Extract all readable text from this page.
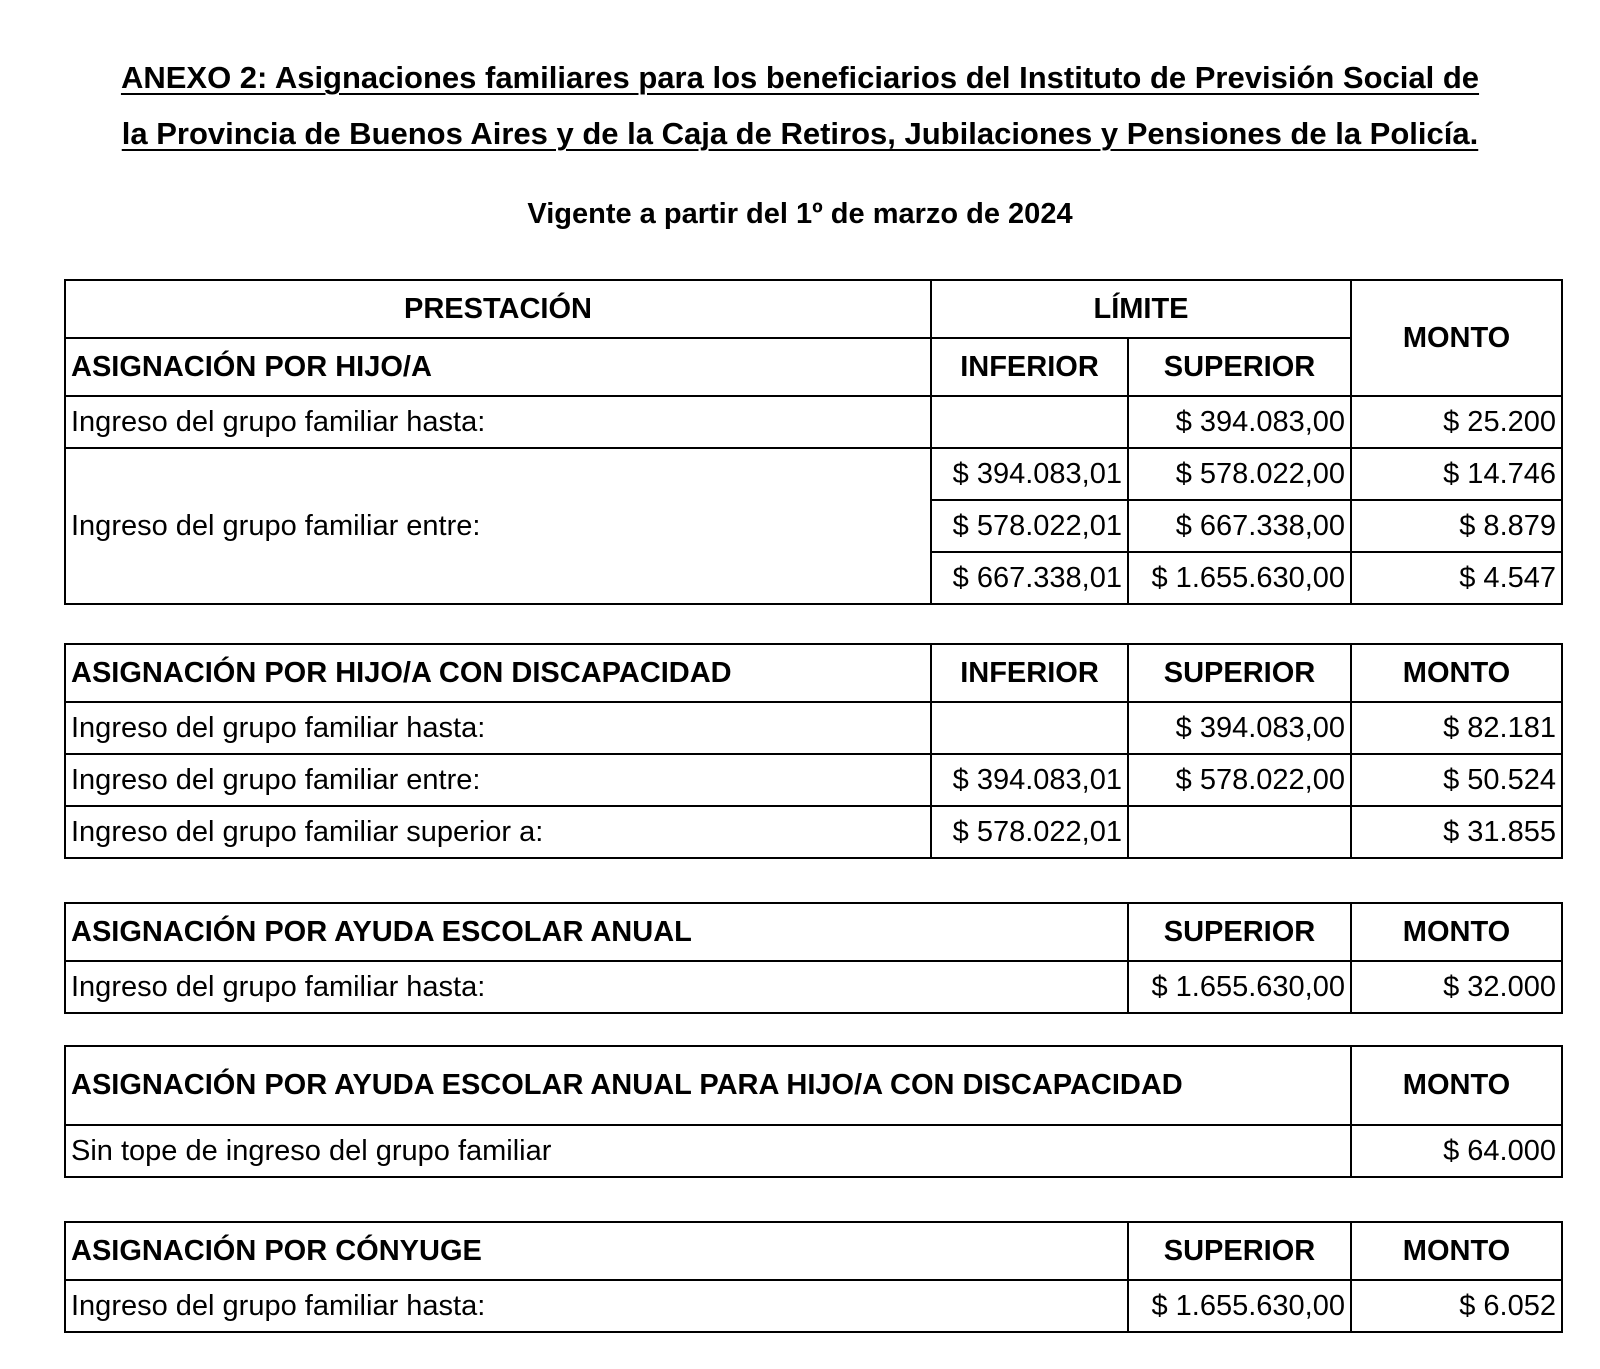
ANEXO 2: Asignaciones familiares para los beneficiarios del Instituto de Previsión Social de
la Provincia de Buenos Aires y de la Caja de Retiros, Jubilaciones y Pensiones de la Policía.
Vigente a partir del 1º de marzo de 2024
PRESTACIÓN	LÍMITE		MONTO
ASIGNACIÓN POR HIJO/A	INFERIOR	SUPERIOR	
Ingreso del grupo familiar hasta:		$ 394.083,00	$ 25.200
Ingreso del grupo familiar entre:	$ 394.083,01	$ 578.022,00	$ 14.746
	$ 578.022,01	$ 667.338,00	$ 8.879
	$ 667.338,01	$ 1.655.630,00	$ 4.547
ASIGNACIÓN POR HIJO/A CON DISCAPACIDAD	INFERIOR	SUPERIOR	MONTO
Ingreso del grupo familiar hasta:		$ 394.083,00	$ 82.181
Ingreso del grupo familiar entre:	$ 394.083,01	$ 578.022,00	$ 50.524
Ingreso del grupo familiar superior a:	$ 578.022,01		$ 31.855
ASIGNACIÓN POR AYUDA ESCOLAR ANUAL	SUPERIOR	MONTO
Ingreso del grupo familiar hasta:	$ 1.655.630,00	$ 32.000
ASIGNACIÓN POR AYUDA ESCOLAR ANUAL PARA HIJO/A CON DISCAPACIDAD	MONTO
Sin tope de ingreso del grupo familiar	$ 64.000
ASIGNACIÓN POR CÓNYUGE	SUPERIOR	MONTO
Ingreso del grupo familiar hasta:	$ 1.655.630,00	$ 6.052
